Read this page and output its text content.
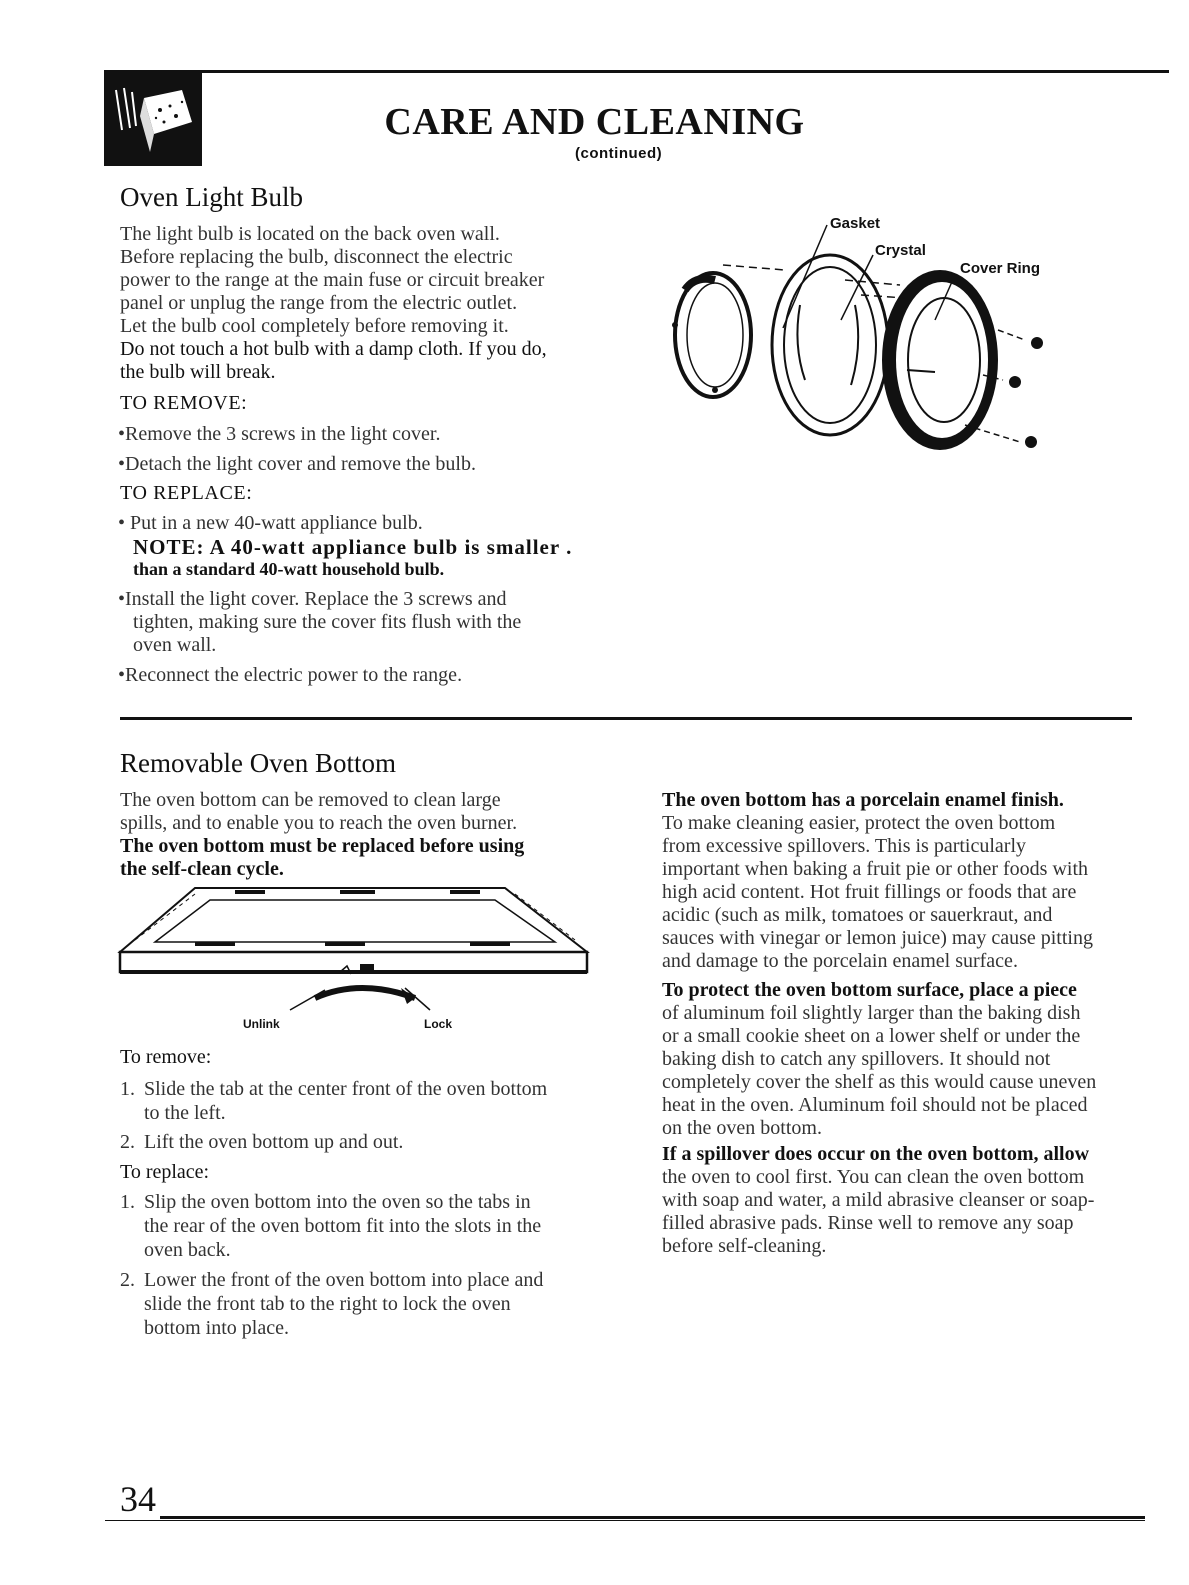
CARE AND CLEANING
(continued)
Oven Light Bulb
The light bulb is located on the back oven wall.
Before replacing the bulb, disconnect the electric
power to the range at the main fuse or circuit breaker
panel or unplug the range from the electric outlet.
Let the bulb cool completely before removing it.
Do not touch a hot bulb with a damp cloth. If you do,
the bulb will break.
TO REMOVE:
•Remove the 3 screws in the light cover.
•Detach the light cover and remove the bulb.
TO REPLACE:
• Put in a new 40-watt appliance bulb.
NOTE: A 40-watt appliance bulb is smaller .
than a standard 40-watt household bulb.
•Install the light cover. Replace the 3 screws and
tighten, making sure the cover fits flush with the
oven wall.
•Reconnect the electric power to the range.
Gasket
Crystal
Cover Ring
Removable Oven Bottom
The oven bottom can be removed to clean large
spills, and to enable you to reach the oven burner.
The oven bottom must be replaced before using
the self-clean cycle.
Unlink	Lock
To remove:
1. Slide the tab at the center front of the oven bottom
to the left.
2. Lift the oven bottom up and out.
To replace:
1. Slip the oven bottom into the oven so the tabs in
the rear of the oven bottom fit into the slots in the
oven back.
2. Lower the front of the oven bottom into place and
slide the front tab to the right to lock the oven
bottom into place.
The oven bottom has a porcelain enamel finish.
To make cleaning easier, protect the oven bottom
from excessive spillovers. This is particularly
important when baking a fruit pie or other foods with
high acid content. Hot fruit fillings or foods that are
acidic (such as milk, tomatoes or sauerkraut, and
sauces with vinegar or lemon juice) may cause pitting
and damage to the porcelain enamel surface.
To protect the oven bottom surface, place a piece
of aluminum foil slightly larger than the baking dish
or a small cookie sheet on a lower shelf or under the
baking dish to catch any spillovers. It should not
completely cover the shelf as this would cause uneven
heat in the oven. Aluminum foil should not be placed
on the oven bottom.
If a spillover does occur on the oven bottom, allow
the oven to cool first. You can clean the oven bottom
with soap and water, a mild abrasive cleanser or soap-
filled abrasive pads. Rinse well to remove any soap
before self-cleaning.
34
